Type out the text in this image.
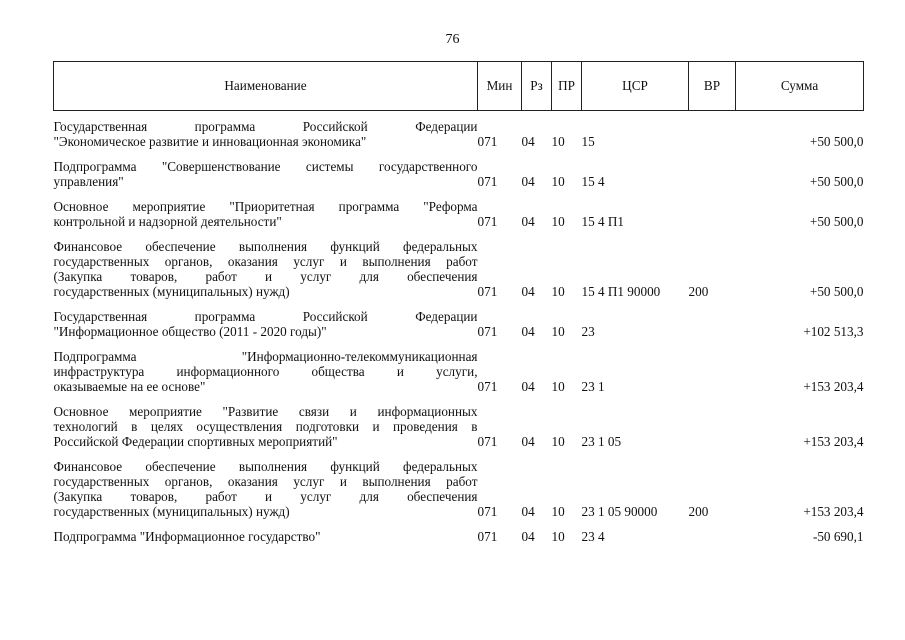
76
Наименование	Мин	Рз	ПР	ЦСР	ВР	Сумма

Государственная программа Российской Федерации
"Экономическое развитие и инновационная экономика"	071	04	10	15		+50 500,0

Подпрограмма "Совершенствование системы государственного
управления"	071	04	10	15 4		+50 500,0

Основное мероприятие "Приоритетная программа "Реформа
контрольной и надзорной деятельности"	071	04	10	15 4 П1		+50 500,0

Финансовое обеспечение выполнения функций федеральных
государственных органов, оказания услуг и выполнения работ
(Закупка товаров, работ и услуг для обеспечения
государственных (муниципальных) нужд)	071	04	10	15 4 П1 90000	200	+50 500,0

Государственная программа Российской Федерации
"Информационное общество (2011 - 2020 годы)"	071	04	10	23		+102 513,3

Подпрограмма "Информационно-телекоммуникационная
инфраструктура информационного общества и услуги,
оказываемые на ее основе"	071	04	10	23 1		+153 203,4

Основное мероприятие "Развитие связи и информационных
технологий в целях осуществления подготовки и проведения в
Российской Федерации спортивных мероприятий"	071	04	10	23 1 05		+153 203,4

Финансовое обеспечение выполнения функций федеральных
государственных органов, оказания услуг и выполнения работ
(Закупка товаров, работ и услуг для обеспечения
государственных (муниципальных) нужд)	071	04	10	23 1 05 90000	200	+153 203,4

Подпрограмма "Информационное государство"	071	04	10	23 4		-50 690,1
